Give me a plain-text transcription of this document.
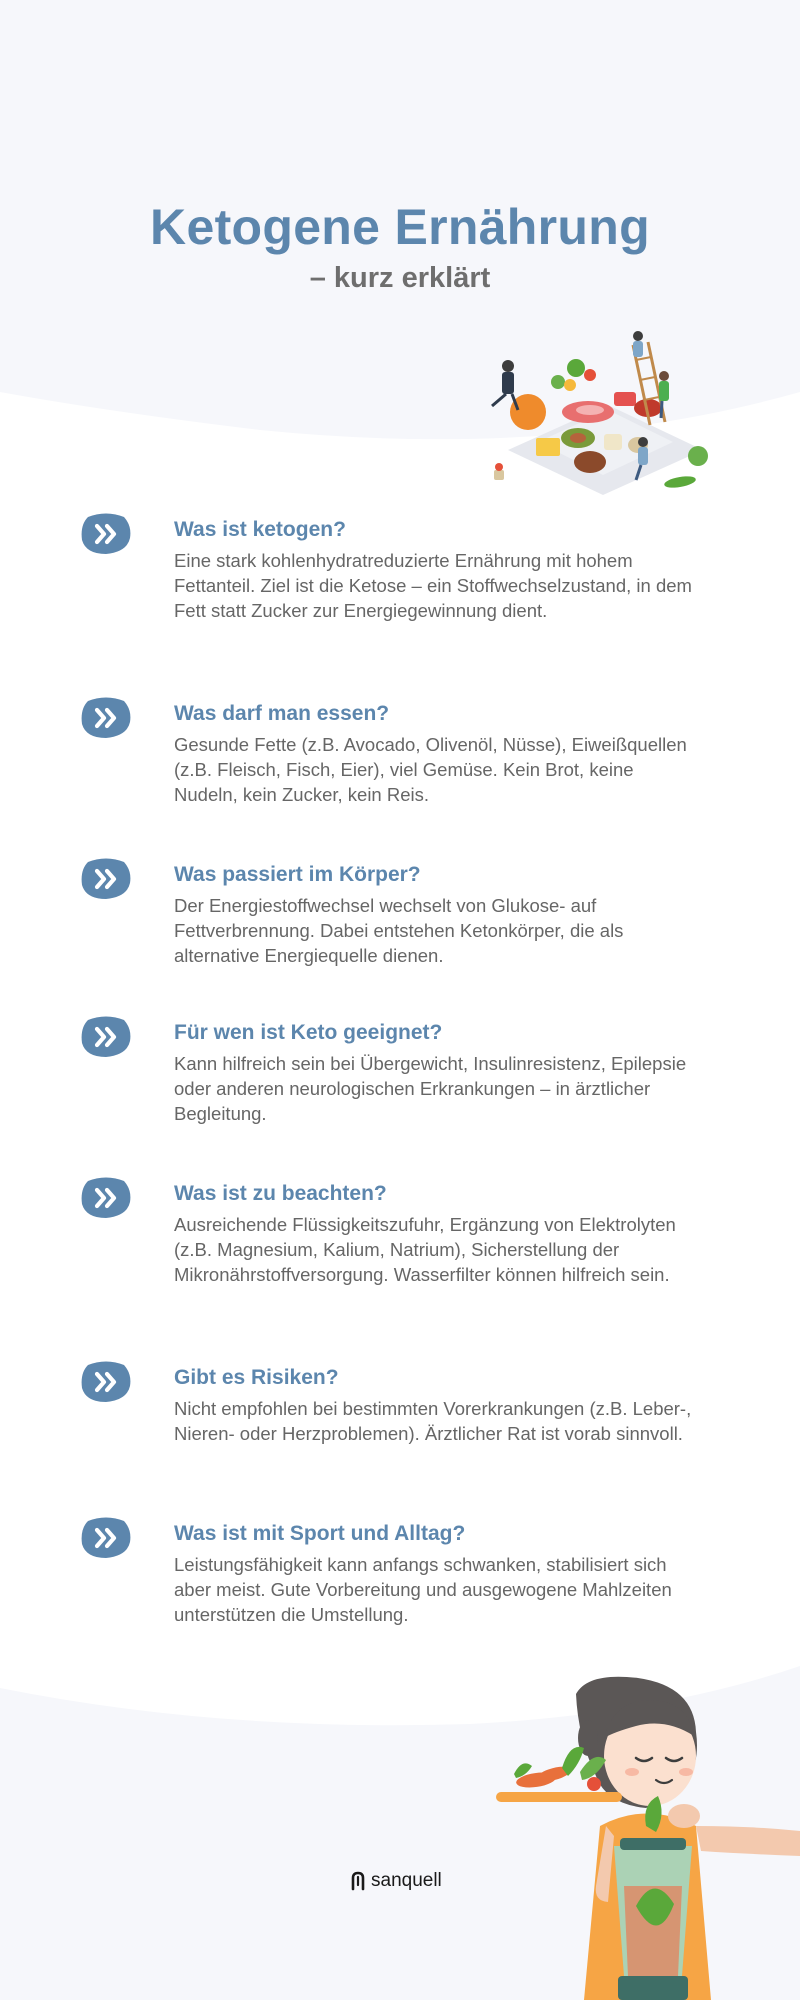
Ketogene Ernährung
– kurz erklärt
Was ist ketogen?
Eine stark kohlenhydratreduzierte Ernährung mit hohem Fettanteil. Ziel ist die Ketose – ein Stoffwechselzustand, in dem Fett statt Zucker zur Energiegewinnung dient.
Was darf man essen?
Gesunde Fette (z.B. Avocado, Olivenöl, Nüsse), Eiweißquellen (z.B. Fleisch, Fisch, Eier), viel Gemüse. Kein Brot, keine Nudeln, kein Zucker, kein Reis.
Was passiert im Körper?
Der Energiestoffwechsel wechselt von Glukose- auf Fettverbrennung. Dabei entstehen Ketonkörper, die als alternative Energiequelle dienen.
Für wen ist Keto geeignet?
Kann hilfreich sein bei Übergewicht, Insulinresistenz, Epilepsie oder anderen neurologischen Erkrankungen – in ärztlicher Begleitung.
Was ist zu beachten?
Ausreichende Flüssigkeitszufuhr, Ergänzung von Elektrolyten (z.B. Magnesium, Kalium, Natrium), Sicherstellung der Mikronährstoffversorgung. Wasserfilter können hilfreich sein.
Gibt es Risiken?
Nicht empfohlen bei bestimmten Vorerkrankungen (z.B. Leber-, Nieren- oder Herzproblemen). Ärztlicher Rat ist vorab sinnvoll.
Was ist mit Sport und Alltag?
Leistungsfähigkeit kann anfangs schwanken, stabilisiert sich aber meist. Gute Vorbereitung und ausgewogene Mahlzeiten unterstützen die Umstellung.
sanquell
